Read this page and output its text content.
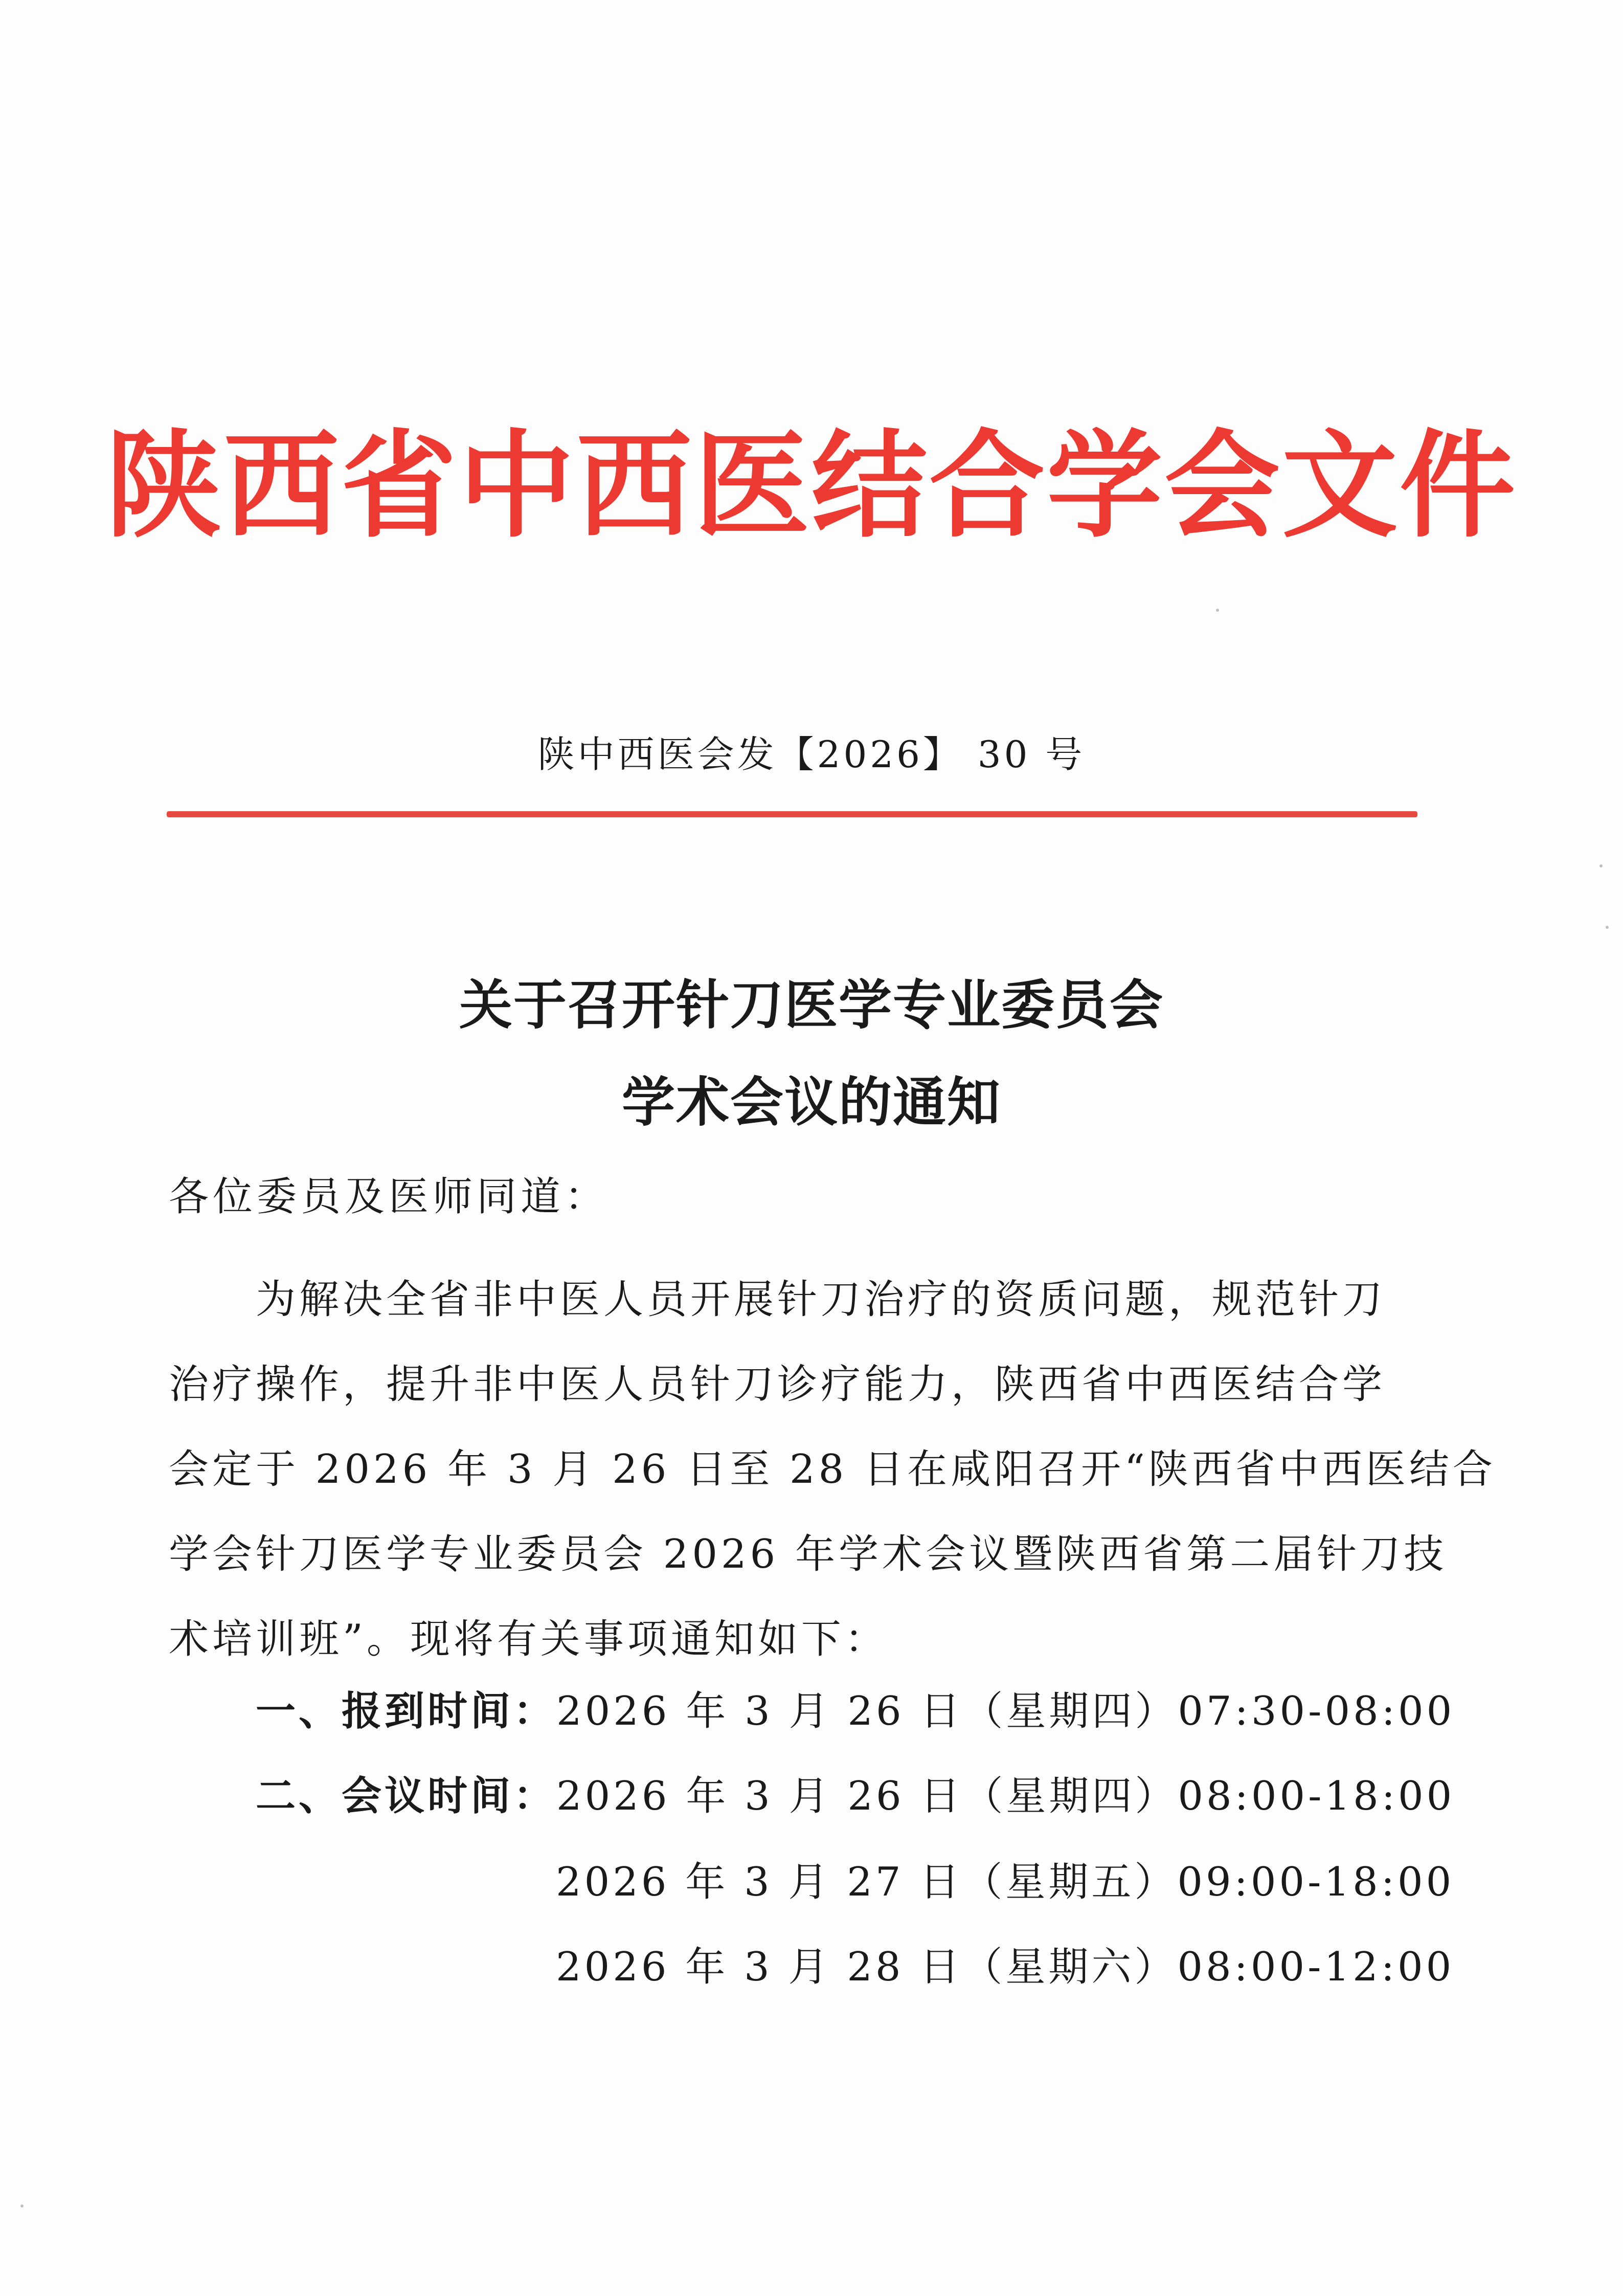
陕西省中西医结合学会文件
陕中西医会发【2026】 30 号
关于召开针刀医学专业委员会
学术会议的通知
各位委员及医师同道：
为解决全省非中医人员开展针刀治疗的资质问题，规范针刀
治疗操作，提升非中医人员针刀诊疗能力，陕西省中西医结合学
会定于 2026 年 3 月 26 日至 28 日在咸阳召开“陕西省中西医结合
学会针刀医学专业委员会 2026 年学术会议暨陕西省第二届针刀技
术培训班”。现将有关事项通知如下：
一、报到时间：2026 年 3 月 26 日（星期四）07:30-08:00
二、会议时间：2026 年 3 月 26 日（星期四）08:00-18:00
2026 年 3 月 27 日（星期五）09:00-18:00
2026 年 3 月 28 日（星期六）08:00-12:00
